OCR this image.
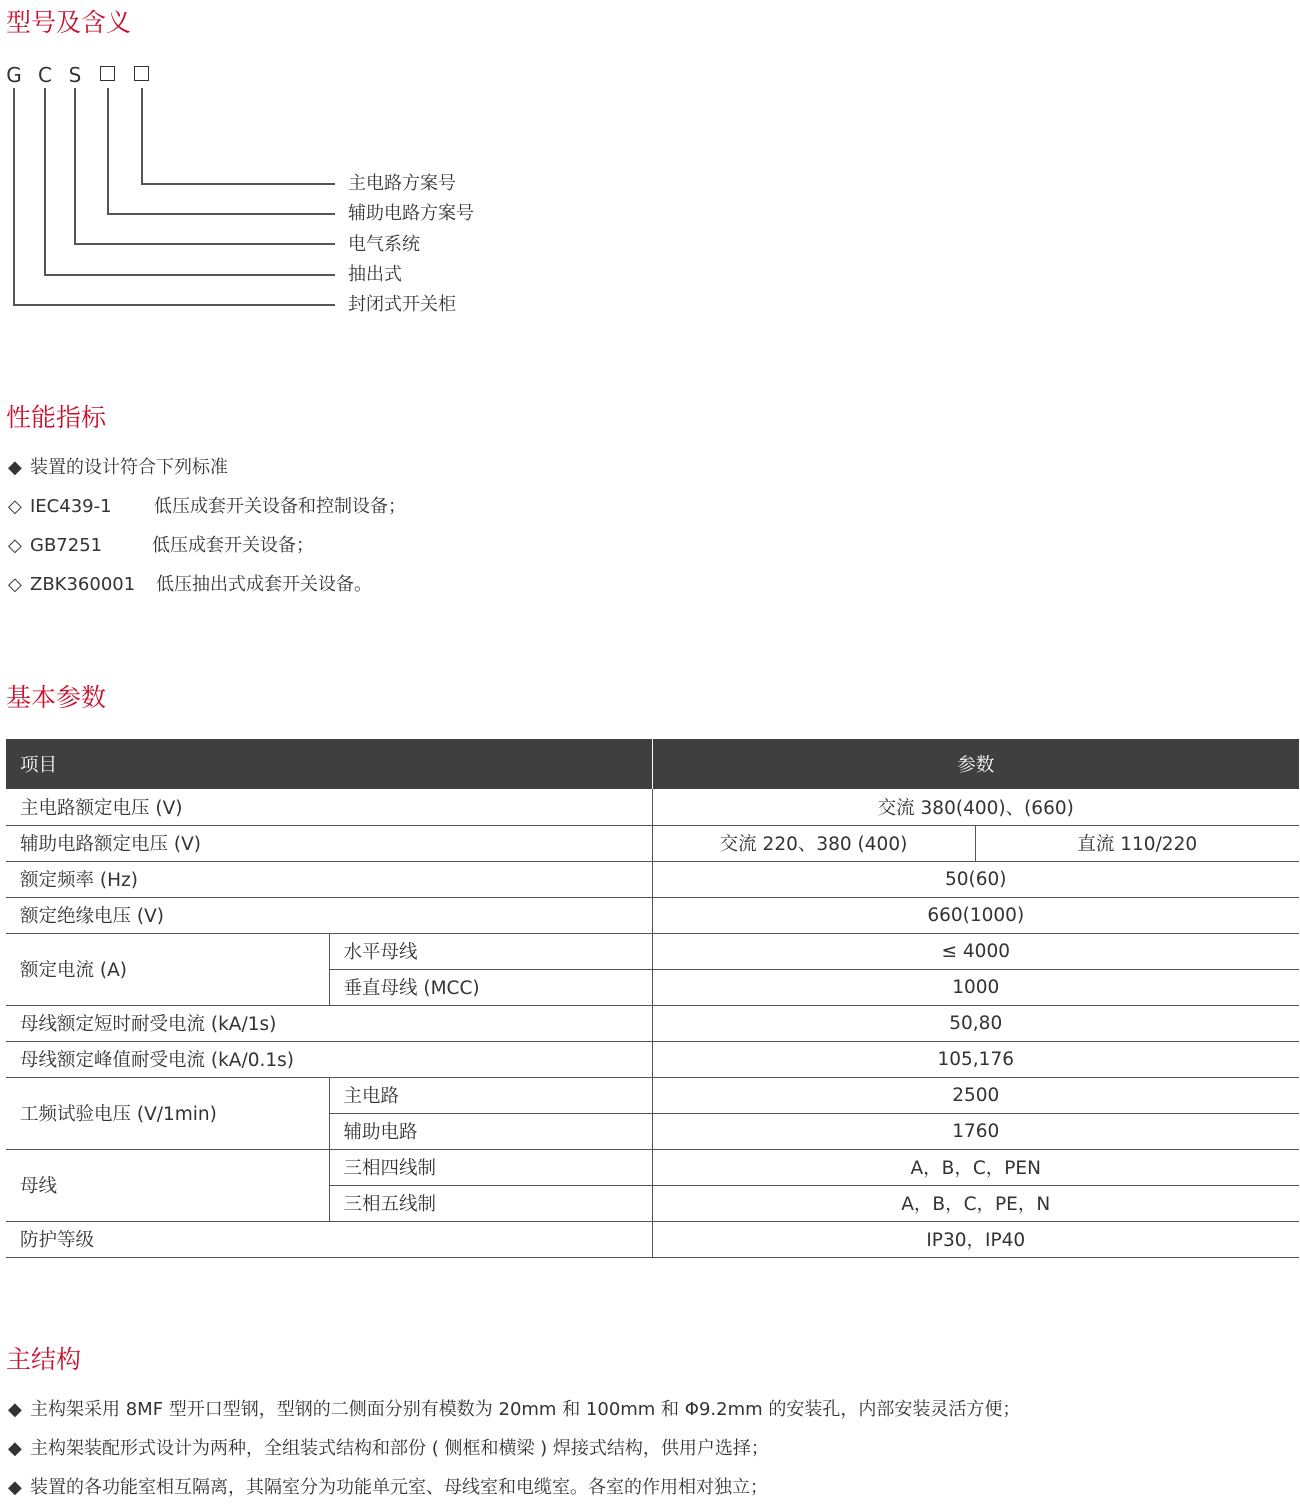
型号及含义
G C S
主电路方案号
辅助电路方案号
电气系统
抽出式
封闭式开关柜
性能指标
◆ 装置的设计符合下列标准
◇ IEC439-1 低压成套开关设备和控制设备；
◇ GB7251	低压成套开关设备；
◇ ZBK360001 低压抽出式成套开关设备。
基本参数
项目		参数	
主电路额定电压 (V)		交流 380(400)、(660)	
辅助电路额定电压 (V)		交流 220、380 (400)	直流 110/220
额定频率 (Hz)		50(60)	
额定绝缘电压 (V)		660(1000)	
额定电流 (A)	水平母线	≤ 4000	
	垂直母线 (MCC)	1000	
母线额定短时耐受电流 (kA/1s)		50,80	
母线额定峰值耐受电流 (kA/0.1s)		105,176	
工频试验电压 (V/1min)	主电路	2500	
	辅助电路	1760	
母线	三相四线制	A，B，C，PEN	
	三相五线制	A，B，C，PE，N	
防护等级		IP30，IP40	
主结构
◆ 主构架采用 8MF 型开口型钢，型钢的二侧面分别有模数为 20mm 和 100mm 和 Φ9.2mm 的安装孔，内部安装灵活方便；
◆ 主构架装配形式设计为两种，全组装式结构和部份 ( 侧框和横梁 ) 焊接式结构，供用户选择；
◆ 装置的各功能室相互隔离，其隔室分为功能单元室、母线室和电缆室。各室的作用相对独立；
